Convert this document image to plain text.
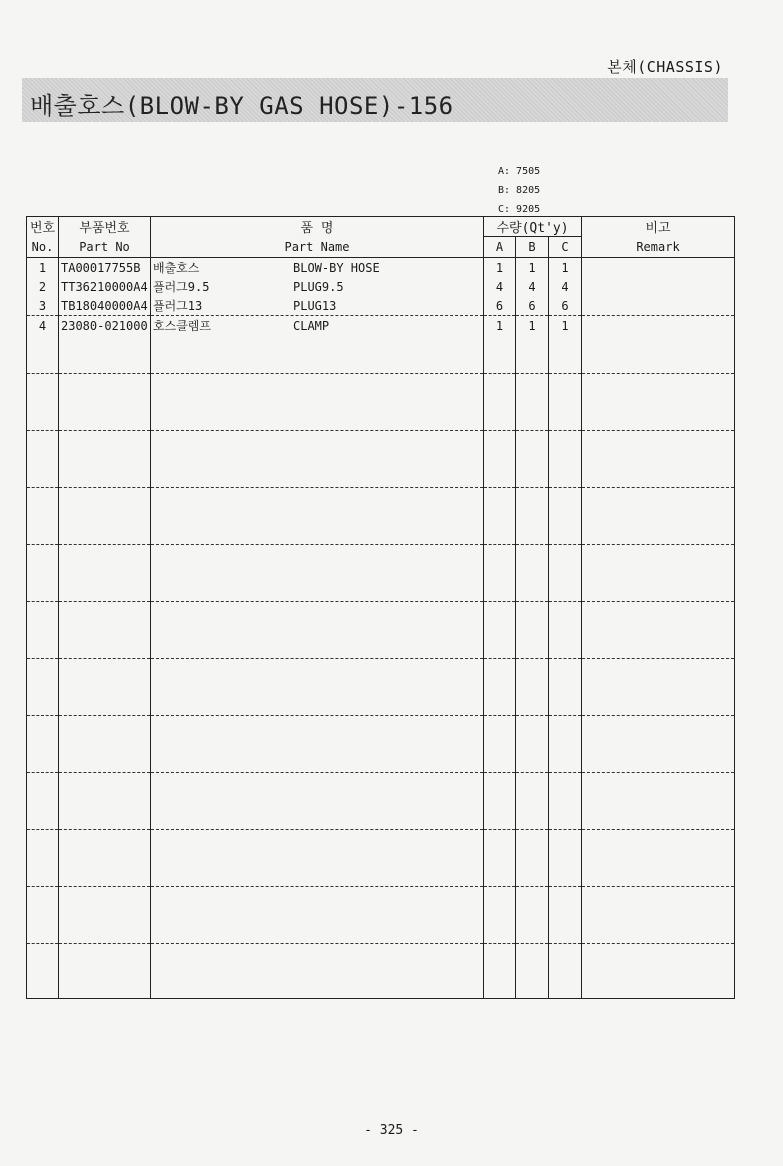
본체(CHASSIS)
배출호스(BLOW-BY GAS HOSE)-156
A: 7505
B: 8205
C: 9205
번호	부품번호	품 명	수량(Qt'y)			비고
No.	Part No	Part Name	A	B	C	Remark
1	TA00017755B	배출호스 BLOW-BY HOSE	1	1	1	
2	TT36210000A4	플러그9.5 PLUG9.5	4	4	4	
3	TB18040000A4	플러그13 PLUG13	6	6	6	
4	23080-021000	호스클렘프 CLAMP	1	1	1	

- 325 -
